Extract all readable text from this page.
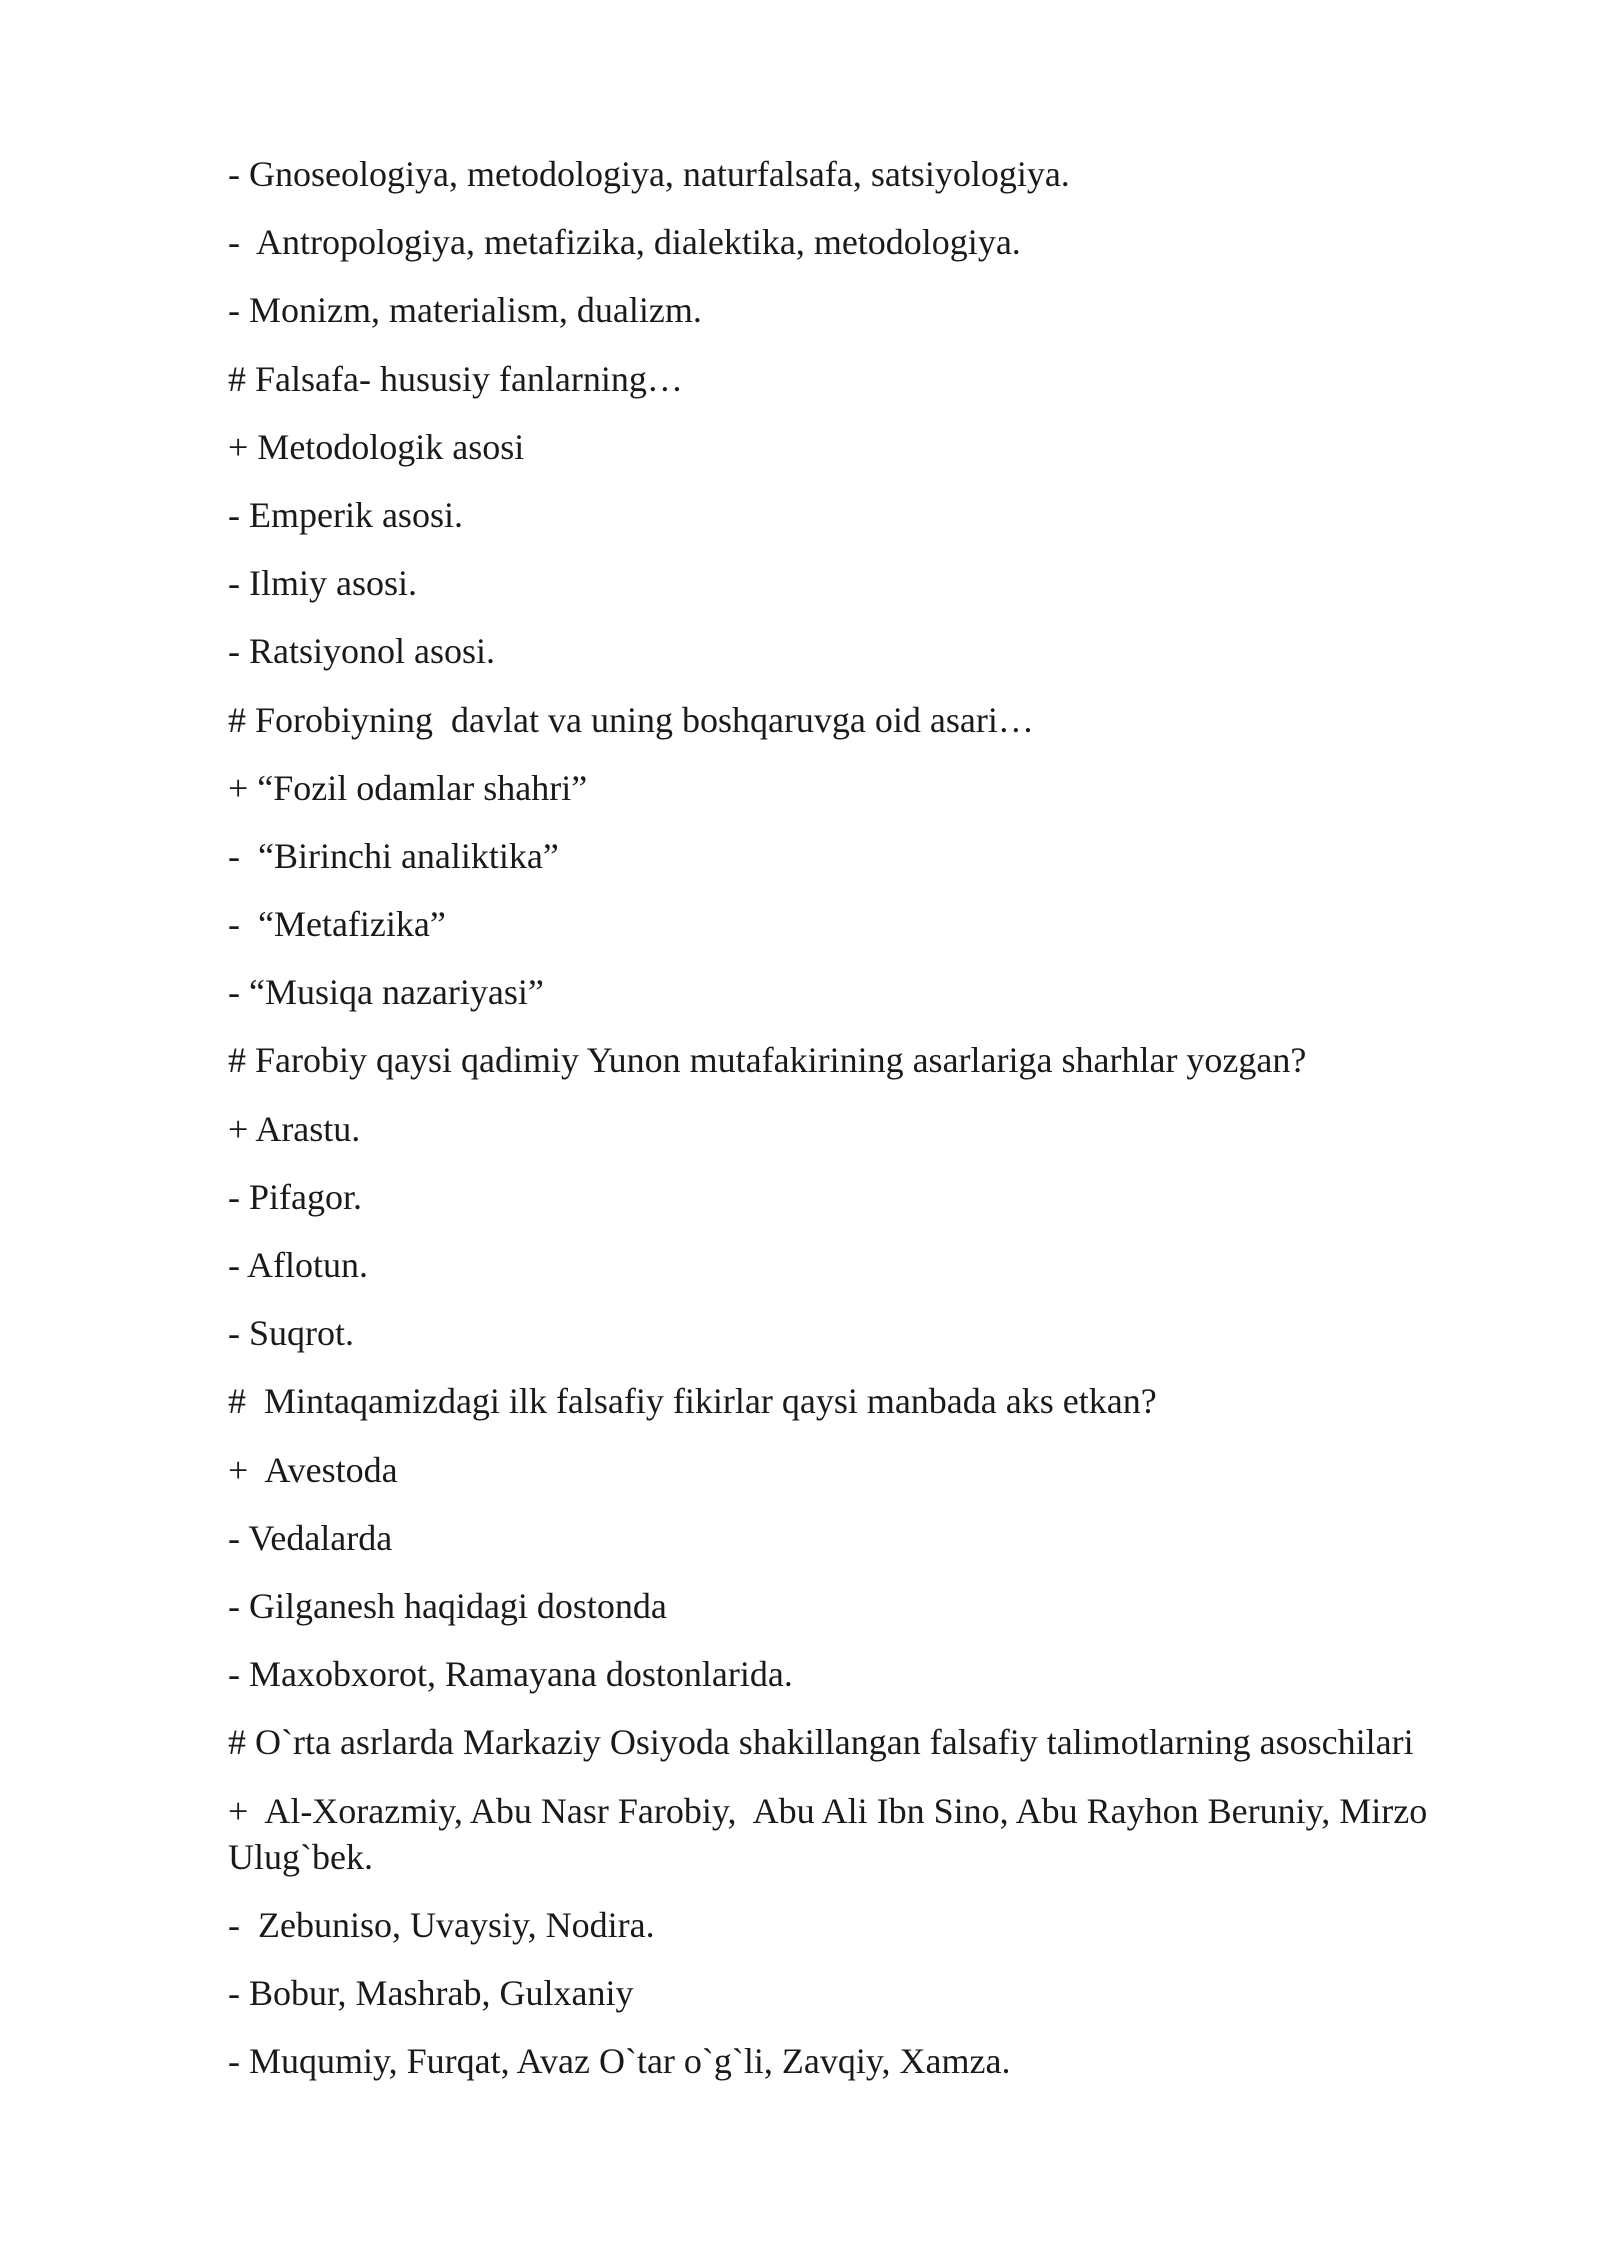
- Gnoseologiya, metodologiya, naturfalsafa, satsiyologiya.

-  Antropologiya, metafizika, dialektika, metodologiya.

- Monizm, materialism, dualizm.

# Falsafa- hususiy fanlarning…

+ Metodologik asosi

- Emperik asosi.

- Ilmiy asosi.

- Ratsiyonol asosi.

# Forobiyning  davlat va uning boshqaruvga oid asari…

+ “Fozil odamlar shahri”

-  “Birinchi analiktika”

-  “Metafizika”

- “Musiqa nazariyasi”

# Farobiy qaysi qadimiy Yunon mutafakirining asarlariga sharhlar yozgan?

+ Arastu.

- Pifagor.

- Aflotun.

- Suqrot.

#  Mintaqamizdagi ilk falsafiy fikirlar qaysi manbada aks etkan?

+  Avestoda

- Vedalarda

- Gilganesh haqidagi dostonda

- Maxobxorot, Ramayana dostonlarida.

# O`rta asrlarda Markaziy Osiyoda shakillangan falsafiy talimotlarning asoschilari

+  Al-Xorazmiy, Abu Nasr Farobiy,  Abu Ali Ibn Sino, Abu Rayhon Beruniy, Mirzo Ulug`bek.

-  Zebuniso, Uvaysiy, Nodira.

- Bobur, Mashrab, Gulxaniy

- Muqumiy, Furqat, Avaz O`tar o`g`li, Zavqiy, Xamza.
